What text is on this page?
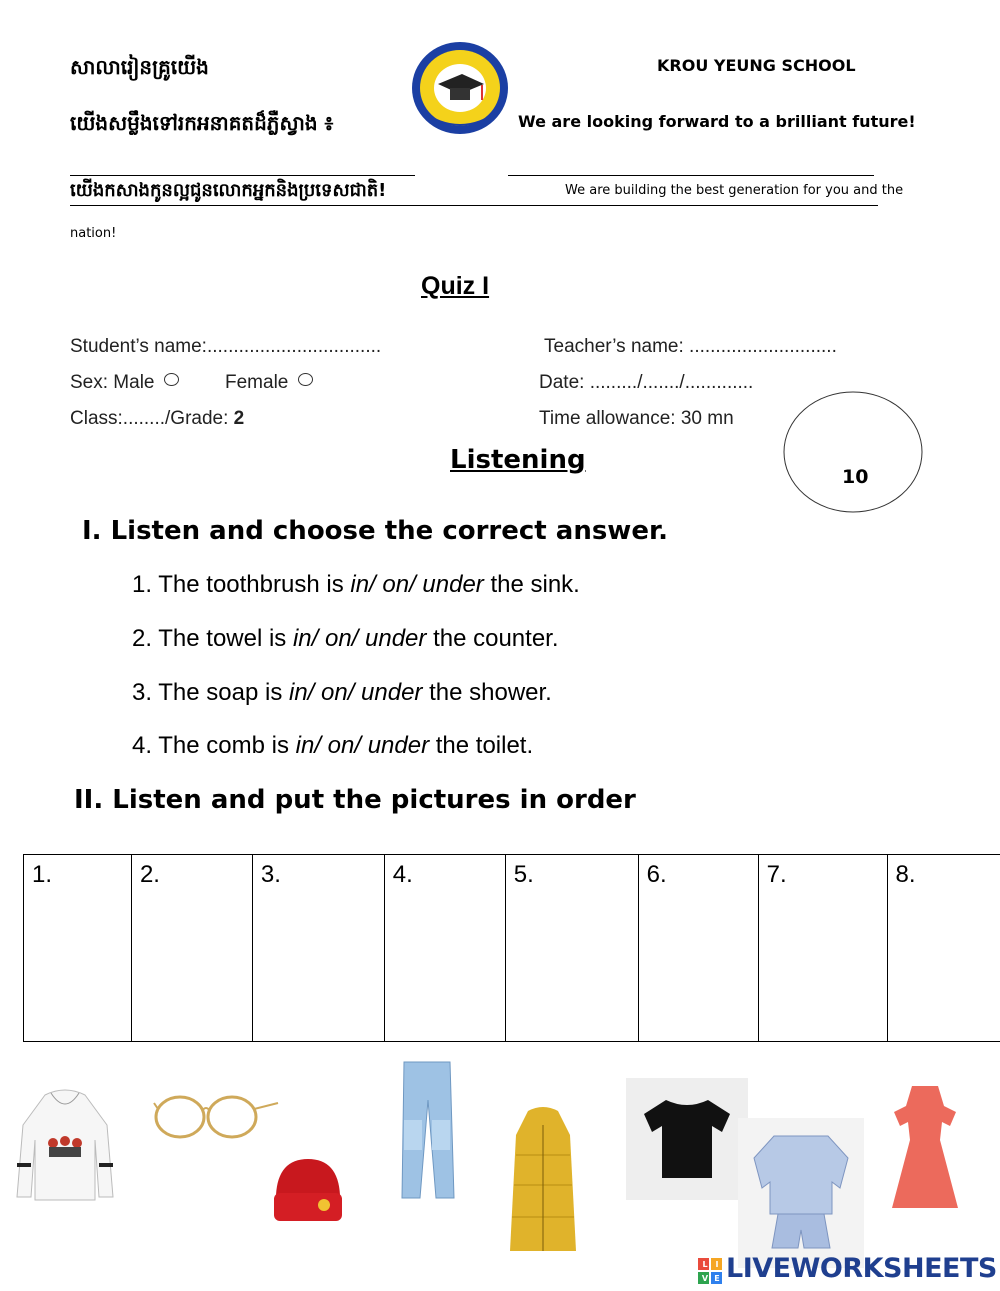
សាលារៀនគ្រូយើង
យើងសម្លឹងទៅរកអនាគតដ៏ភ្លឺស្វាង ៖
KROU YEUNG SCHOOL
We are looking forward to a brilliant future!
យើងកសាងកូនល្អជូនលោកអ្នកនិងប្រទេសជាតិ!	We are building the best generation for you and the
nation!
Quiz I
Student’s name:.................................	Teacher’s name: ............................
Sex: Male	Female	Date: ........./......./.............
Class:......../Grade: 2	Time allowance: 30 mn
10
Listening
I. Listen and choose the correct answer.
1. The toothbrush is in/ on/ under the sink.
2. The towel is in/ on/ under the counter.
3. The soap is in/ on/ under the shower.
4. The comb is in/ on/ under the toilet.
II. Listen and put the pictures in order
1.	2.	3.	4.	5.	6.	7.	8.
L I
V E LIVEWORKSHEETS
